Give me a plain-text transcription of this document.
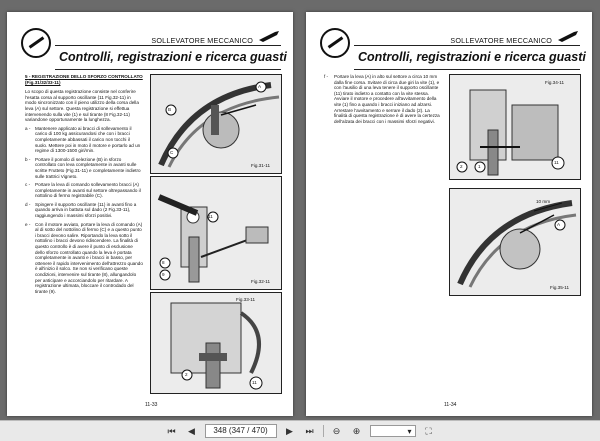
SOLLEVATORE MECCANICO
Controlli, registrazioni e ricerca guasti
5 - REGISTRAZIONE DELLO SFORZO CONTROLLATO (Fig.31/32/33-11)

Lo scopo di questa registrazione consiste nel conferire l'esatta corsa al supporto oscillante (11 Fig.32-11) in modo sincronizzato con il pieno utilizzo della corsa della leva (A) sul settore. Questa registrazione si effettua intervenendo sulla vite (1) e sul tirante (8 Fig.32-11) variandone opportunamente la lunghezza.

a -	Mantenere applicato ai bracci di sollevamento il carico di 100 kg assicurandosi che con i bracci completamente abbassati il carico non tocchi il suolo. Mettere poi in moto il motore e portarlo ad un regime di 1300-1500 giri/min.
b -	Portare il pomolo di selezione (B) in sforzo controllato con leva completamente in avanti sulle scritte Frutteto (Fig.31-11) e completamente indietro sulle trattrici Vigneto.
c -	Portare la leva di comando sollevamento bracci (A) completamente in avanti sul settore oltrepassando il nottolino di fermo registrabile (C).
d -	Spingere il supporto oscillante (11) in avanti fino a quando arriva in battuta sul dado (2 Fig.33-11), raggiungendo i massimi sforzi positivi.
e -	Con il motore avviato, portare la leva di comando (A) al di sotto del nottolino di fermo (C) e a questo punto i bracci devono salire. Riportando la leva sotto il nottolino i bracci devono ridiscendere. La finalità di questo controllo è di avere il punto di esclusione dello sforzo controllato quando la leva è portata completamente in avanti e i bracci in basso, per ottenere il rapido intervenimento dell'attrezzo quando è all'inizio il solco. Se non si verificano queste condizioni, intervenire sul tirante (8), allungandolo per anticipare e accorciandolo per ritardare. A registrazione ultimata, bloccare il controdado del tirante (9).
B
C
A
Fig.31-11
8
9
11
Fig.32-11
2
11
Fig.33-11
11-33
SOLLEVATORE MECCANICO
Controlli, registrazioni e ricerca guasti
f -	Portare la leva (A) in alto sul settore a circa 10 mm dalla fine corsa. Svitare di circa due giri la vite (1), e con l'ausilio di una leva tenere il supporto oscillante (11) tirato indietro a contatto con la vite stessa. Avviare il motore e procedere all'avvitamento della vite (1) fino a quando i bracci iniziano ad alzarsi. Arrestare l'avvitamento e serrare il dado (2). La finalità di questa registrazione è di avere la certezza dell'alzata dei bracci con i massimi sforzi negativi.
2	1
11
Fig.34-11
10 mm
A
Fig.35-11
11-34
⏮	◀	348 (347 / 470)	▶	⏭	⊖	⊕	▾	⛶
